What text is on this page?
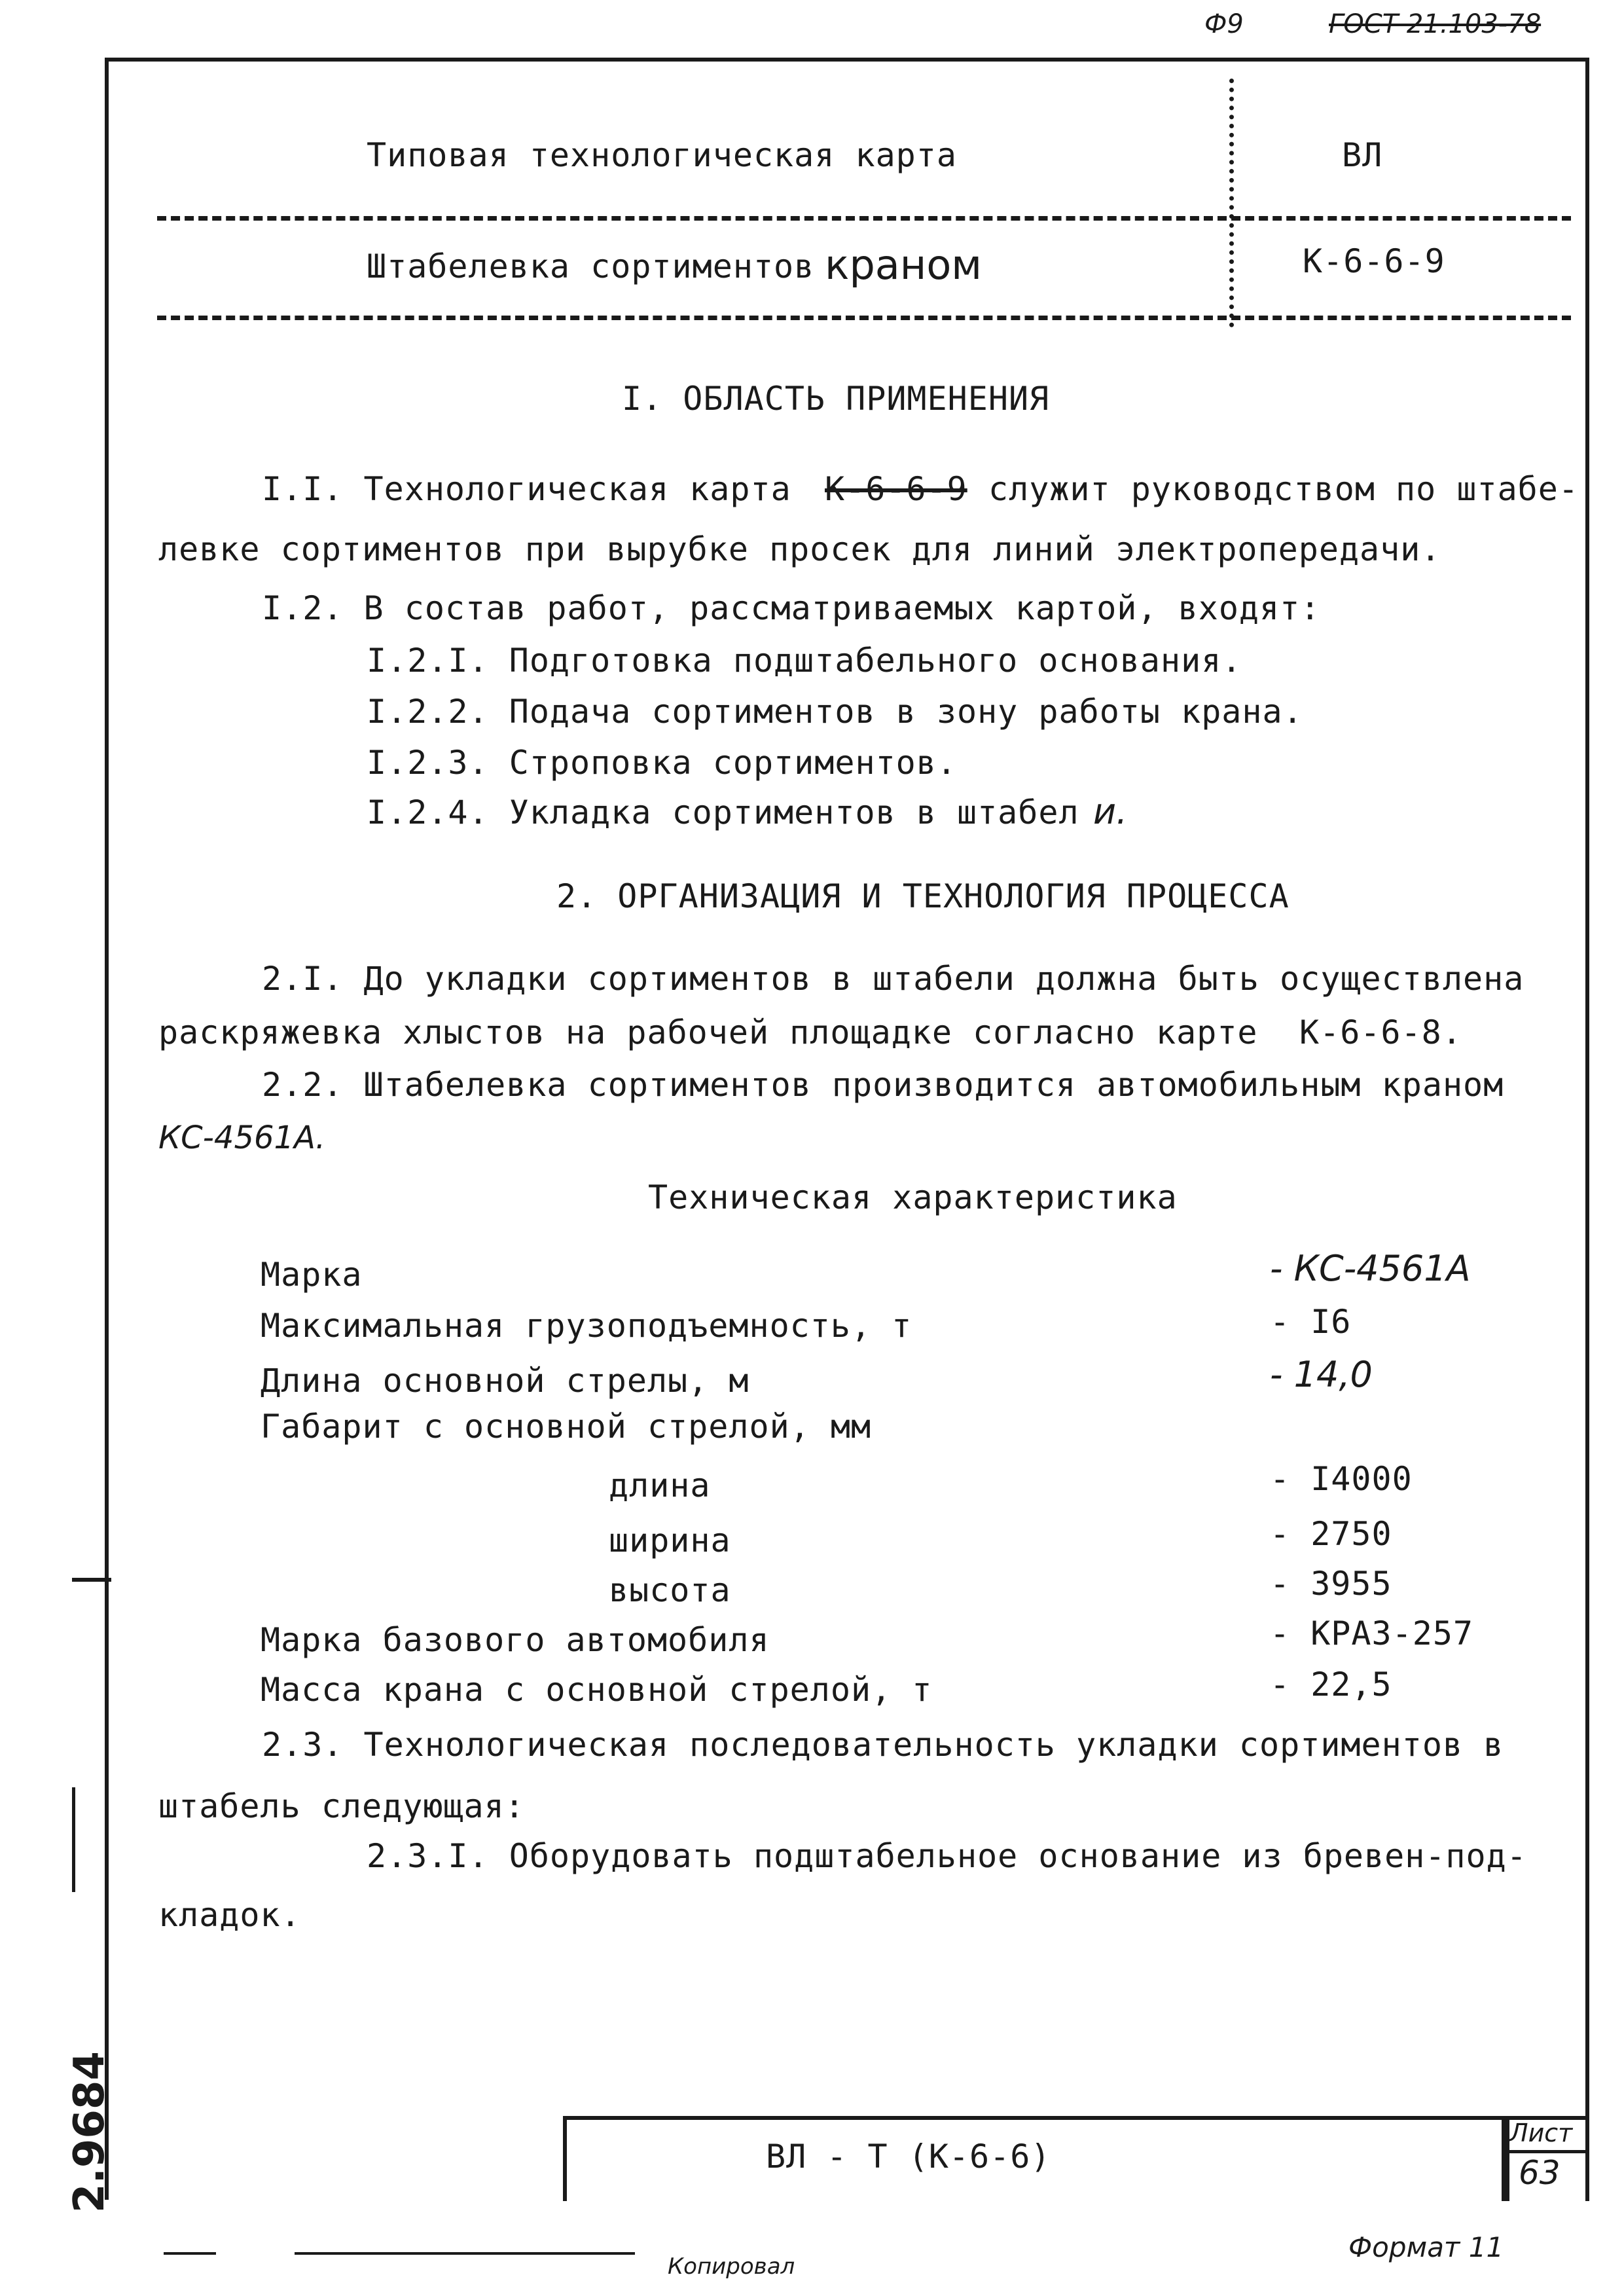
Ф9	ГОСТ 21.103-78
Типовая технологическая карта	ВЛ
Штабелевка сортиментов краном	К-6-6-9
I. ОБЛАСТЬ ПРИМЕНЕНИЯ
I.I. Технологическая карта К-6-6-9 служит руководством по штабе-
левке сортиментов при вырубке просек для линий электропередачи.
I.2. В состав работ, рассматриваемых картой, входят:
I.2.I. Подготовка подштабельного основания.
I.2.2. Подача сортиментов в зону работы крана.
I.2.3. Строповка сортиментов.
I.2.4. Укладка сортиментов в штабел и.
2. ОРГАНИЗАЦИЯ И ТЕХНОЛОГИЯ ПРОЦЕССА
2.I. До укладки сортиментов в штабели должна быть осуществлена
раскряжевка хлыстов на рабочей площадке согласно карте К-6-6-8.
2.2. Штабелевка сортиментов производится автомобильным краном
КС-4561А.
Техническая характеристика
Марка	- КС-4561А
Максимальная грузоподъемность, т	- I6
Длина основной стрелы, м	- 14,0
Габарит с основной стрелой, мм
длина	- I4000
ширина	- 2750
высота	- 3955
Марка базового автомобиля	- КРАЗ-257
Масса крана с основной стрелой, т	- 22,5
2.3. Технологическая последовательность укладки сортиментов в
штабель следующая:
2.3.I. Оборудовать подштабельное основание из бревен-под-
кладок.
2.9684	ВЛ - Т (К-6-6)
Лист
63
Копировал
Формат 11
